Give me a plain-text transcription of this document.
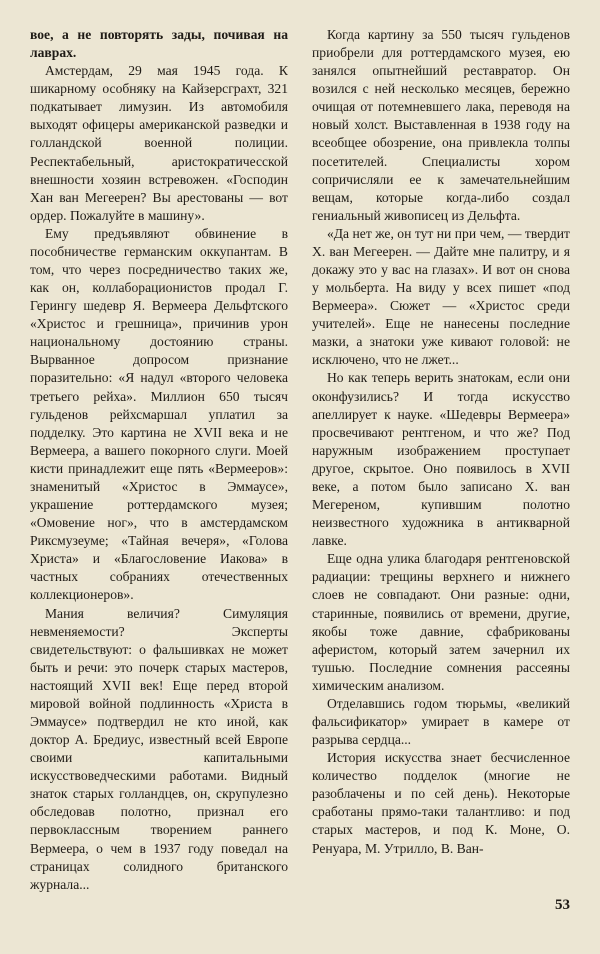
вое, а не повторять зады, почивая на лаврах.

Амстердам, 29 мая 1945 года. К шикарному особняку на Кайзерсграхт, 321 подкатывает лимузин. Из автомобиля выходят офицеры американской разведки и голландской военной полиции. Респектабельный, аристократичесской внешности хозяин встревожен. «Господин Хан ван Мегеерен? Вы арестованы — вот ордер. Пожалуйте в машину».

Ему предъявляют обвинение в пособничестве германским оккупантам. В том, что через посредничество таких же, как он, коллаборационистов продал Г. Герингу шедевр Я. Вермеера Дельфтского «Христос и грешница», причинив урон национальному достоянию страны. Вырванное допросом признание поразительно: «Я надул «второго человека третьего рейха». Миллион 650 тысяч гульденов рейхсмаршал уплатил за подделку. Это картина не XVII века и не Вермеера, а вашего покорного слуги. Моей кисти принадлежит еще пять «Вермееров»: знаменитый «Христос в Эммаусе», украшение роттердамского музея; «Омовение ног», что в амстердамском Риксмузеуме; «Тайная вечеря», «Голова Христа» и «Благословение Иакова» в частных собраниях отечественных коллекционеров».

Мания величия? Симуляция невменяемости? Эксперты свидетельствуют: о фальшивках не может быть и речи: это почерк старых мастеров, настоящий XVII век! Еще перед второй мировой войной подлинность «Христа в Эммаусе» подтвердил не кто иной, как доктор А. Бредиус, известный всей Европе своими капитальными искусствоведческими работами. Видный знаток старых голландцев, он, скрупулезно обследовав полотно, признал его первоклассным творением раннего Вермеера, о чем в 1937 году поведал на страницах солидного британского журнала...

Когда картину за 550 тысяч гульденов приобрели для роттердамского музея, ею занялся опытнейший реставратор. Он возился с ней несколько месяцев, бережно очищая от потемневшего лака, переводя на новый холст. Выставленная в 1938 году на всеобщее обозрение, она привлекла толпы посетителей. Специалисты хором сопричисляли ее к замечательнейшим вещам, которые когда-либо создал гениальный живописец из Дельфта.

«Да нет же, он тут ни при чем, — твердит Х. ван Мегеерен. — Дайте мне палитру, и я докажу это у вас на глазах». И вот он снова у мольберта. На виду у всех пишет «под Вермеера». Сюжет — «Христос среди учителей». Еще не нанесены последние мазки, а знатоки уже кивают головой: не исключено, что не лжет...

Но как теперь верить знатокам, если они оконфузились? И тогда искусство апеллирует к науке. «Шедевры Вермеера» просвечивают рентгеном, и что же? Под наружным изображением проступает другое, скрытое. Оно появилось в XVII веке, а потом было записано Х. ван Мегереном, купившим полотно неизвестного художника в антикварной лавке.

Еще одна улика благодаря рентгеновской радиации: трещины верхнего и нижнего слоев не совпадают. Они разные: одни, старинные, появились от времени, другие, якобы тоже давние, сфабрикованы аферистом, который затем зачернил их тушью. Последние сомнения рассеяны химическим анализом.

Отделавшись годом тюрьмы, «великий фальсификатор» умирает в камере от разрыва сердца...

История искусства знает бесчисленное количество подделок (многие не разоблачены и по сей день). Некоторые сработаны прямо-таки талантливо: и под старых мастеров, и под К. Моне, О. Ренуара, М. Утрилло, В. Ван-

53
